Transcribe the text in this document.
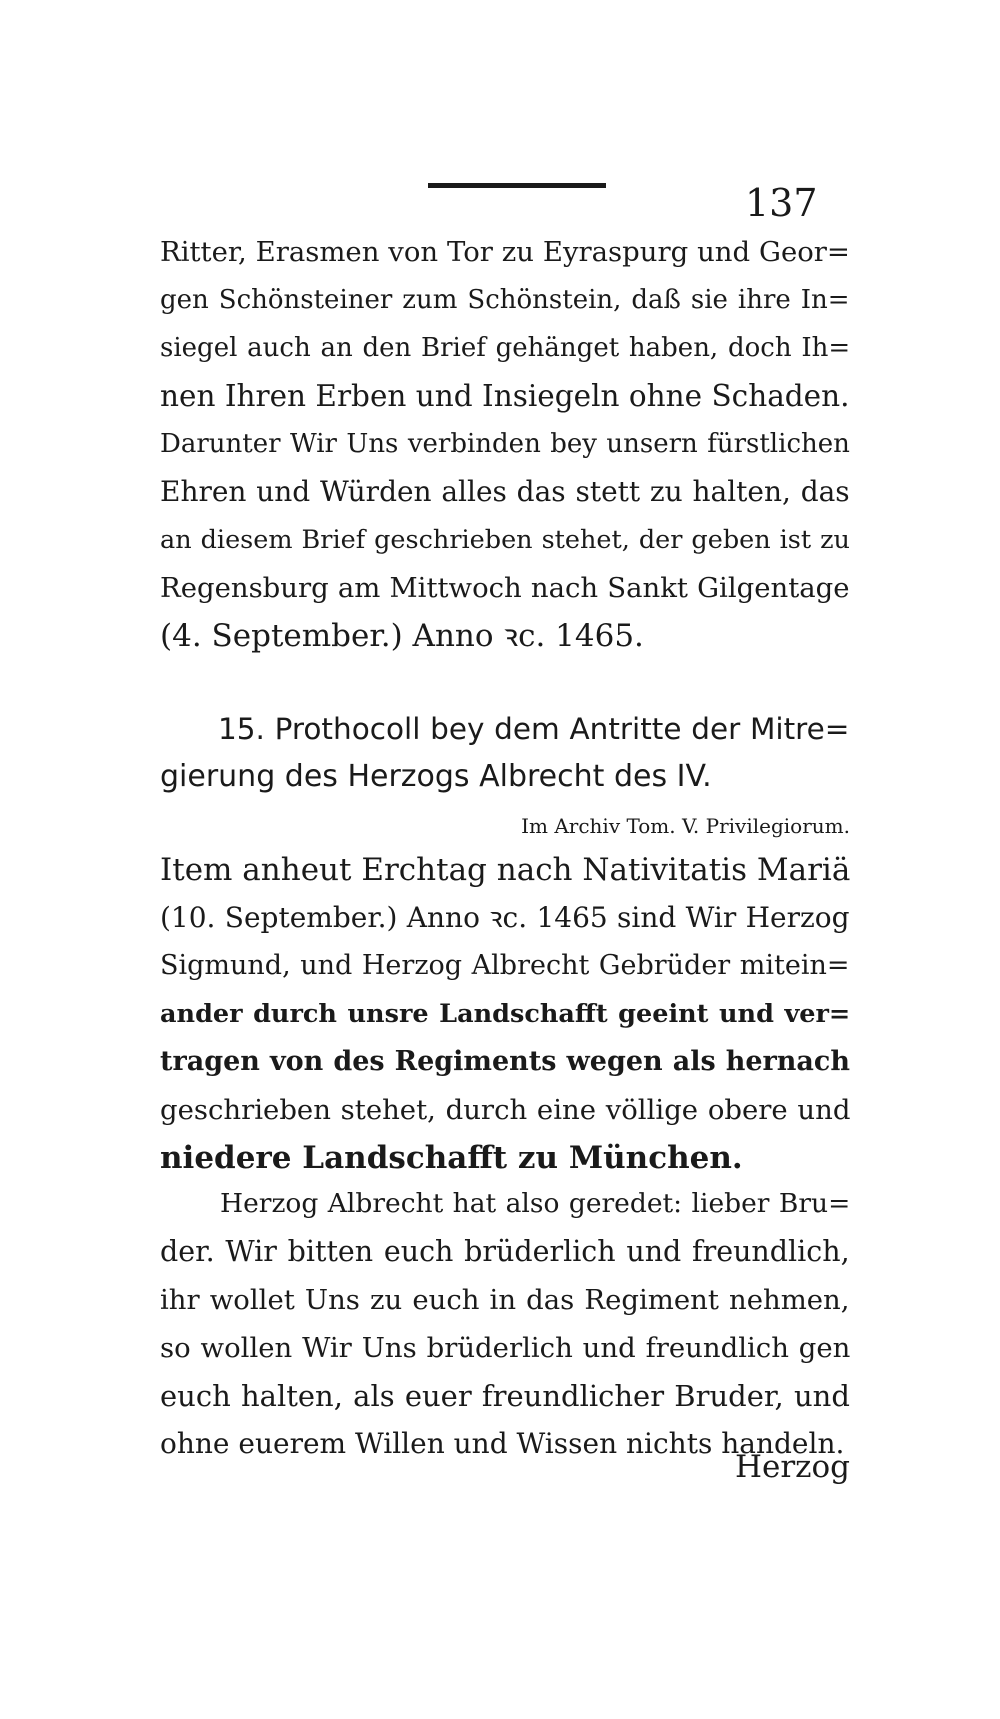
137
Ritter, Erasmen von Tor zu Eyraspurg und Geor=
gen Schönsteiner zum Schönstein, daß sie ihre In=
siegel auch an den Brief gehänget haben, doch Ih=
nen Ihren Erben und Insiegeln ohne Schaden.
Darunter Wir Uns verbinden bey unsern fürstlichen
Ehren und Würden alles das stett zu halten, das
an diesem Brief geschrieben stehet, der geben ist zu
Regensburg am Mittwoch nach Sankt Gilgentage
(4. September.) Anno ꝛc. 1465.
15. Prothocoll bey dem Antritte der Mitre=
gierung des Herzogs Albrecht des IV.
Im Archiv Tom. V. Privilegiorum.
Item anheut Erchtag nach Nativitatis Mariä
(10. September.) Anno ꝛc. 1465 sind Wir Herzog
Sigmund, und Herzog Albrecht Gebrüder mitein=
ander durch unsre Landschafft geeint und ver=
tragen von des Regiments wegen als hernach
geschrieben stehet, durch eine völlige obere und
niedere Landschafft zu München.
Herzog Albrecht hat also geredet: lieber Bru=
der. Wir bitten euch brüderlich und freundlich,
ihr wollet Uns zu euch in das Regiment nehmen,
so wollen Wir Uns brüderlich und freundlich gen
euch halten, als euer freundlicher Bruder, und
ohne euerem Willen und Wissen nichts handeln.
Herzog
